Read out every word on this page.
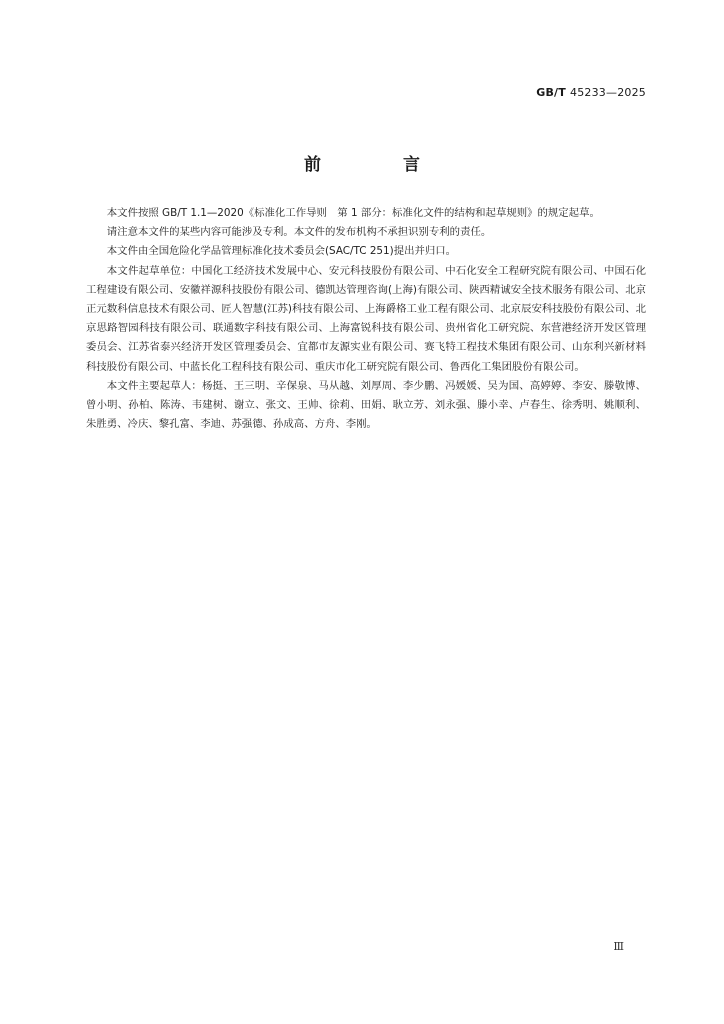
GB/T 45233—2025
前 言

本文件按照 GB/T 1.1—2020《标准化工作导则　第 1 部分：标准化文件的结构和起草规则》的规定起草。

请注意本文件的某些内容可能涉及专利。本文件的发布机构不承担识别专利的责任。

本文件由全国危险化学品管理标准化技术委员会(SAC/TC 251)提出并归口。

本文件起草单位：中国化工经济技术发展中心、安元科技股份有限公司、中石化安全工程研究院有限公司、中国石化工程建设有限公司、安徽祥源科技股份有限公司、德凯达管理咨询(上海)有限公司、陕西精诚安全技术服务有限公司、北京正元数科信息技术有限公司、匠人智慧(江苏)科技有限公司、上海爵格工业工程有限公司、北京辰安科技股份有限公司、北京思路智园科技有限公司、联通数字科技有限公司、上海富锐科技有限公司、贵州省化工研究院、东营港经济开发区管理委员会、江苏省泰兴经济开发区管理委员会、宜都市友源实业有限公司、赛飞特工程技术集团有限公司、山东利兴新材料科技股份有限公司、中蓝长化工程科技有限公司、重庆市化工研究院有限公司、鲁西化工集团股份有限公司。

本文件主要起草人：杨挺、王三明、辛保泉、马从越、刘厚周、李少鹏、冯媛媛、吴为国、高婷婷、李安、滕敬博、曾小明、孙柏、陈涛、韦建树、谢立、张文、王帅、徐莉、田娟、耿立芳、刘永强、滕小幸、卢春生、徐秀明、姚顺利、朱胜勇、冷庆、黎孔富、李迪、苏强德、孙成高、方舟、李刚。

Ⅲ
